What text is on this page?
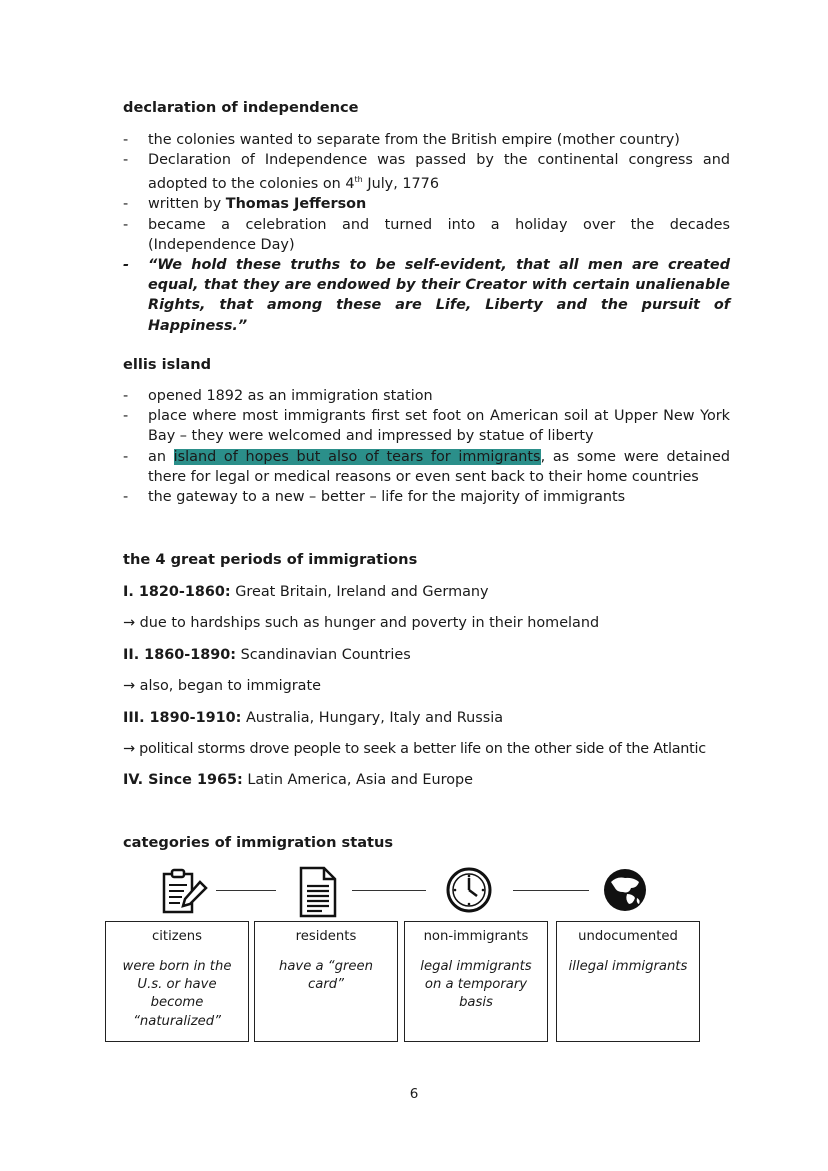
declaration of independence
- the colonies wanted to separate from the British empire (mother country)
- Declaration of Independence was passed by the continental congress and adopted to the colonies on 4th July, 1776
- written by Thomas Jefferson
- became a celebration and turned into a holiday over the decades (Independence Day)
- “We hold these truths to be self-evident, that all men are created equal, that they are endowed by their Creator with certain unalienable Rights, that among these are Life, Liberty and the pursuit of Happiness.”
ellis island
- opened 1892 as an immigration station
- place where most immigrants first set foot on American soil at Upper New York Bay – they were welcomed and impressed by statue of liberty
- an island of hopes but also of tears for immigrants, as some were detained there for legal or medical reasons or even sent back to their home countries
- the gateway to a new – better – life for the majority of immigrants
the 4 great periods of immigrations
I. 1820-1860: Great Britain, Ireland and Germany
→ due to hardships such as hunger and poverty in their homeland
II. 1860-1890: Scandinavian Countries
→ also, began to immigrate
III. 1890-1910: Australia, Hungary, Italy and Russia
→ political storms drove people to seek a better life on the other side of the Atlantic
IV. Since 1965: Latin America, Asia and Europe
categories of immigration status
citizens
were born in the U.s. or have become “naturalized”
residents
have a “green card”
non-immigrants
legal immigrants on a temporary basis
undocumented
illegal immigrants
6
